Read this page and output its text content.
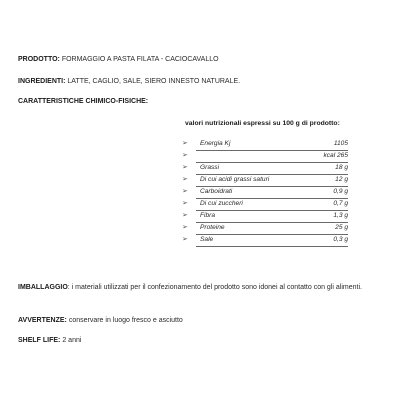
PRODOTTO: FORMAGGIO A PASTA FILATA - CACIOCAVALLO
INGREDIENTI: LATTE, CAGLIO, SALE, SIERO INNESTO NATURALE.
CARATTERISTICHE CHIMICO-FISICHE:
valori nutrizionali espressi su 100 g di prodotto:
➢ Energia Kj	1105
➢	kcal 265
➢ Grassi	18 g
➢ Di cui acidi grassi saturi	12 g
➢ Carboidrati	0,9 g
➢ Di cui zuccheri	0,7 g
➢ Fibra	1,3 g
➢ Proteine	25 g
➢ Sale	0,3 g
IMBALLAGGIO: i materiali utilizzati per il confezionamento del prodotto sono idonei al contatto con gli alimenti.
AVVERTENZE: conservare in luogo fresco e asciutto
SHELF LIFE: 2 anni
